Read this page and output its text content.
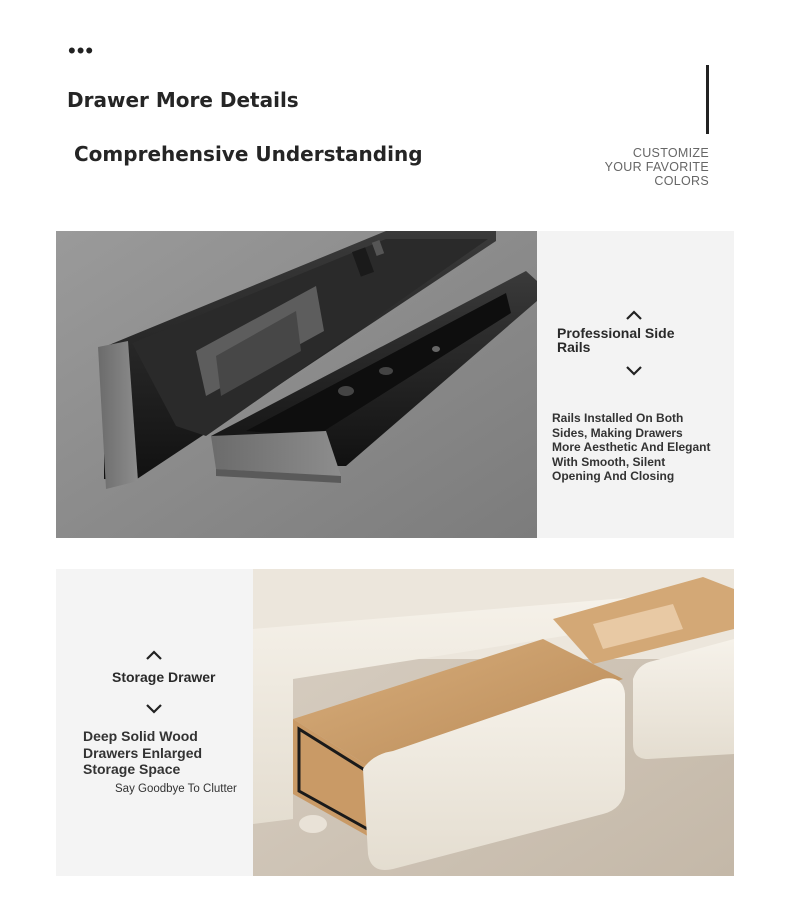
•••
Drawer More Details
Comprehensive Understanding	CUSTOMIZE
YOUR FAVORITE
COLORS
Professional Side
Rails
Rails Installed On Both
Sides, Making Drawers
More Aesthetic And Elegant
With Smooth, Silent
Opening And Closing
Storage Drawer
Deep Solid Wood
Drawers Enlarged
Storage Space
Say Goodbye To Clutter
